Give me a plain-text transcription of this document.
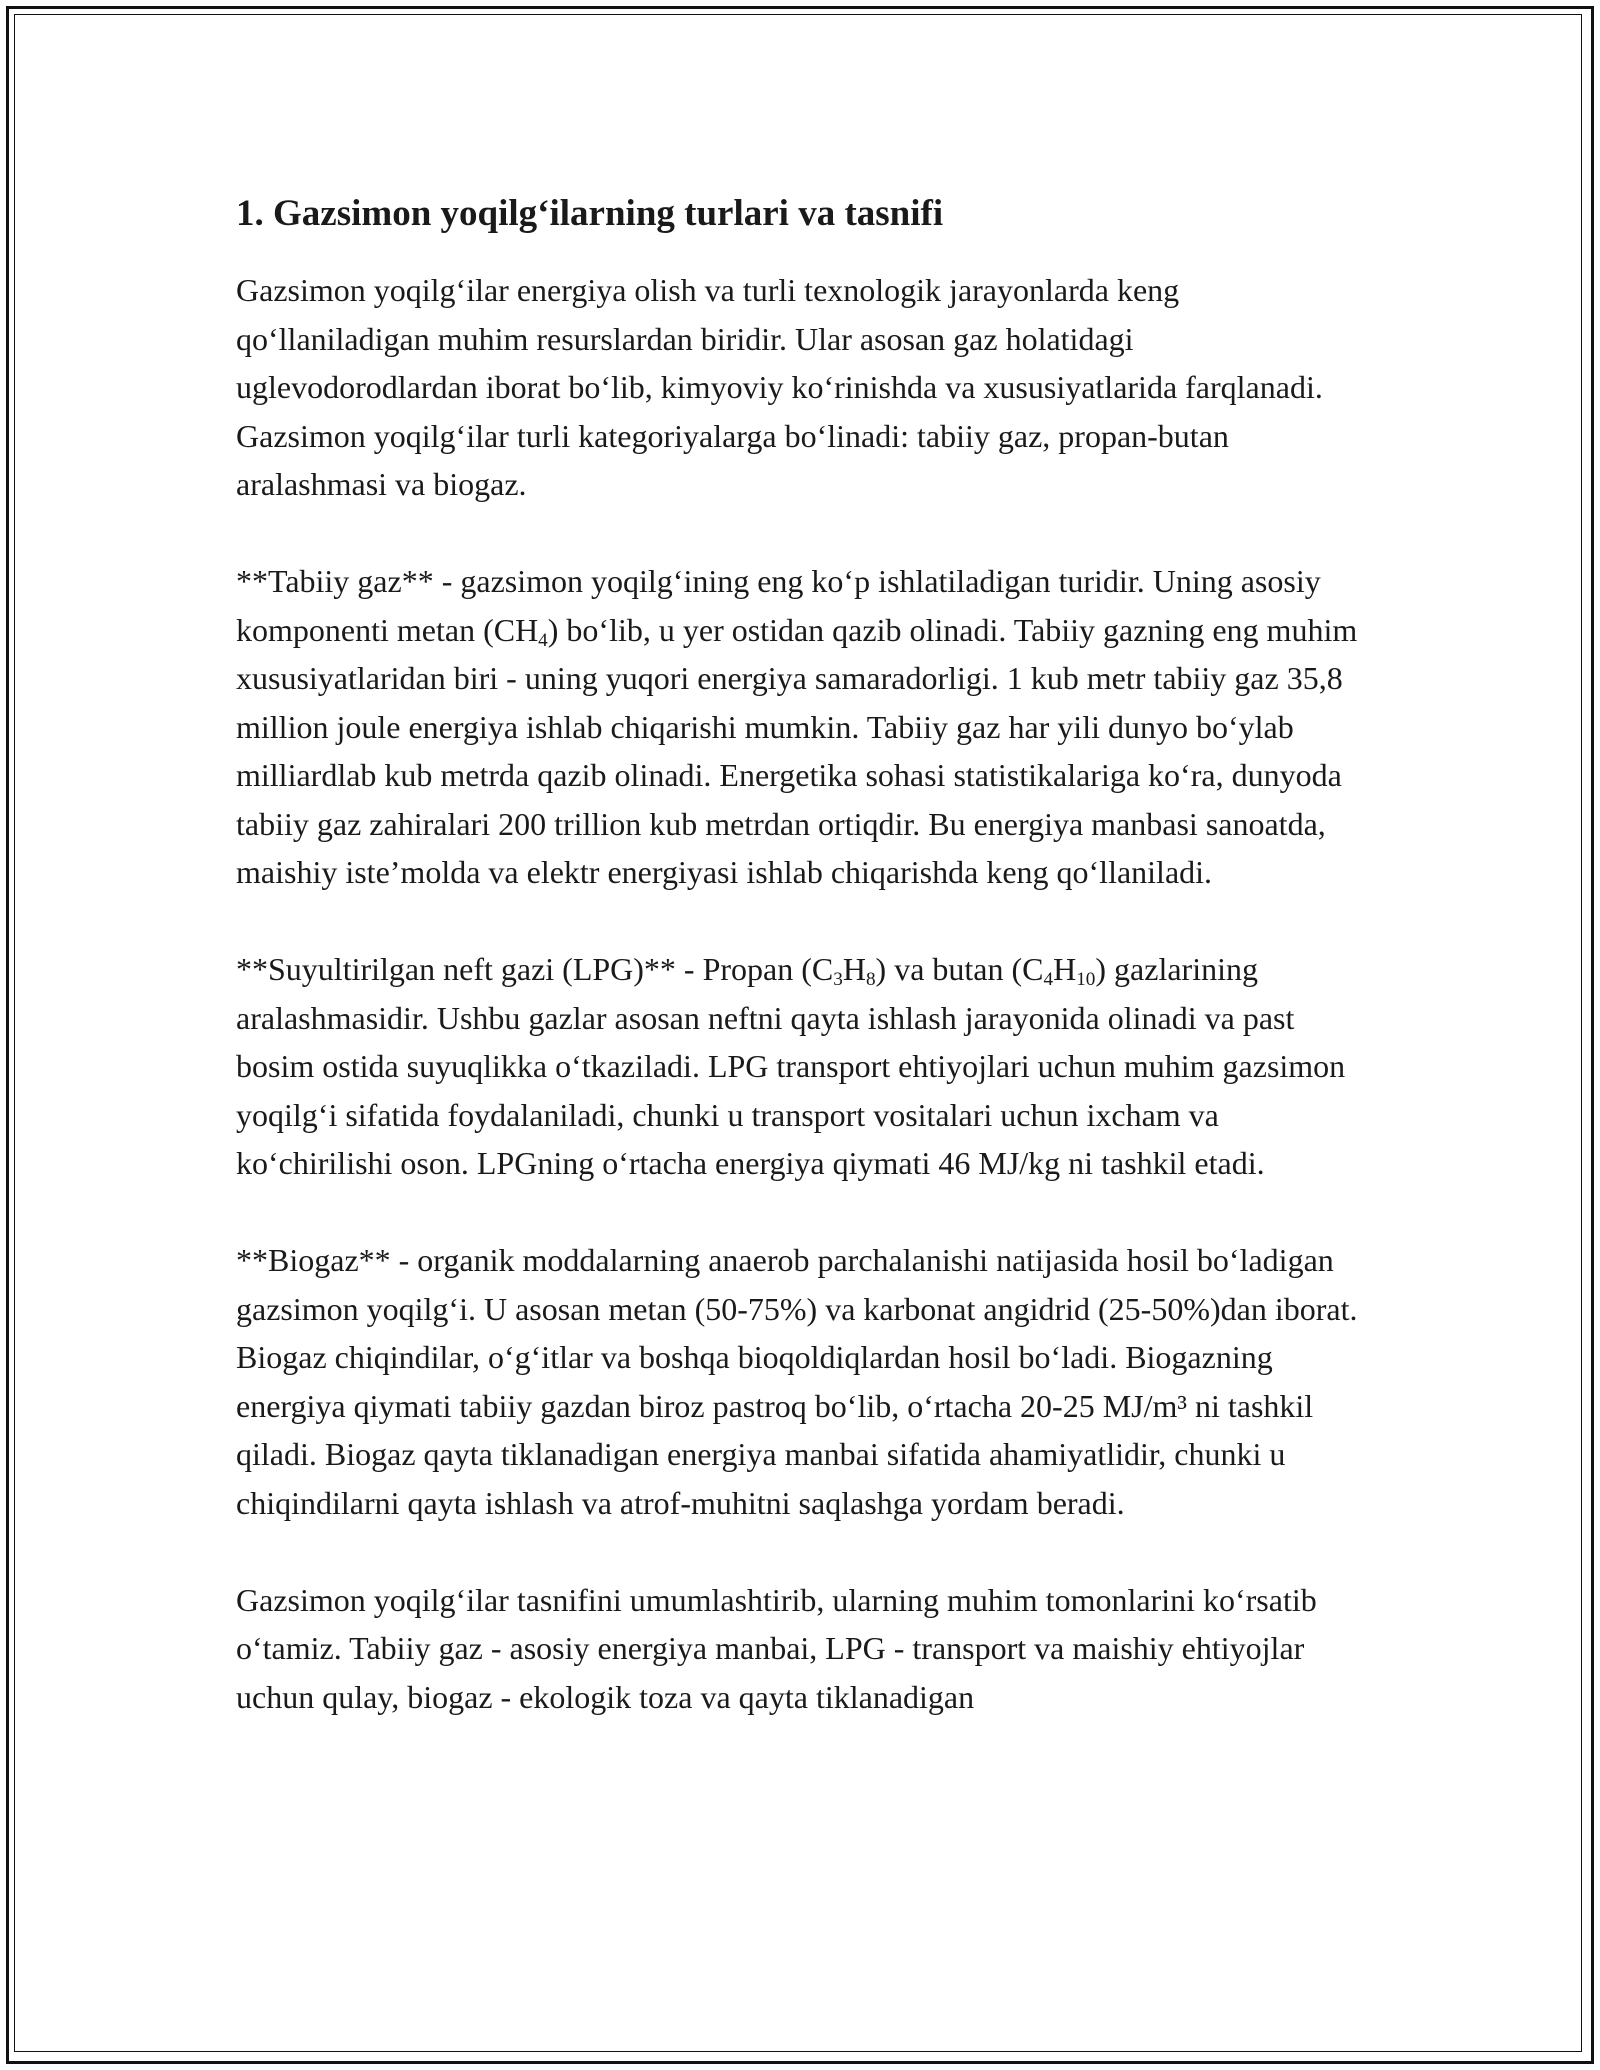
1. Gazsimon yoqilg‘ilarning turlari va tasnifi

Gazsimon yoqilg‘ilar energiya olish va turli texnologik jarayonlarda keng qo‘llaniladigan muhim resurslardan biridir. Ular asosan gaz holatidagi uglevodorodlardan iborat bo‘lib, kimyoviy ko‘rinishda va xususiyatlarida farqlanadi. Gazsimon yoqilg‘ilar turli kategoriyalarga bo‘linadi: tabiiy gaz, propan-butan aralashmasi va biogaz.

**Tabiiy gaz** - gazsimon yoqilg‘ining eng ko‘p ishlatiladigan turidir. Uning asosiy komponenti metan $(CH_4)$ bo‘lib, u yer ostidan qazib olinadi. Tabiiy gazning eng muhim xususiyatlaridan biri - uning yuqori energiya samaradorligi. 1 kub metr tabiiy gaz 35,8 million joule energiya ishlab chiqarishi mumkin. Tabiiy gaz har yili dunyo bo‘ylab milliardlab kub metrda qazib olinadi. Energetika sohasi statistikalariga ko‘ra, dunyoda tabiiy gaz zahiralari 200 trillion kub metrdan ortiqdir. Bu energiya manbasi sanoatda, maishiy iste’molda va elektr energiyasi ishlab chiqarishda keng qo‘llaniladi.

**Suyultirilgan neft gazi (LPG)** - Propan $(C_3H_8)$ va butan $(C_4H_{10})$ gazlarining aralashmasidir. Ushbu gazlar asosan neftni qayta ishlash jarayonida olinadi va past bosim ostida suyuqlikka o‘tkaziladi. LPG transport ehtiyojlari uchun muhim gazsimon yoqilg‘i sifatida foydalaniladi, chunki u transport vositalari uchun ixcham va ko‘chirilishi oson. LPGning o‘rtacha energiya qiymati 46 MJ/kg ni tashkil etadi.

**Biogaz** - organik moddalarning anaerob parchalanishi natijasida hosil bo‘ladigan gazsimon yoqilg‘i. U asosan metan (50-75%) va karbonat angidrid (25-50%)dan iborat. Biogaz chiqindilar, o‘g‘itlar va boshqa bioqoldiqlardan hosil bo‘ladi. Biogazning energiya qiymati tabiiy gazdan biroz pastroq bo‘lib, o‘rtacha 20-25 MJ/m³ ni tashkil qiladi. Biogaz qayta tiklanadigan energiya manbai sifatida ahamiyatlidir, chunki u chiqindilarni qayta ishlash va atrof-muhitni saqlashga yordam beradi.

Gazsimon yoqilg‘ilar tasnifini umumlashtirib, ularning muhim tomonlarini ko‘rsatib o‘tamiz. Tabiiy gaz - asosiy energiya manbai, LPG - transport va maishiy ehtiyojlar uchun qulay, biogaz - ekologik toza va qayta tiklanadigan
